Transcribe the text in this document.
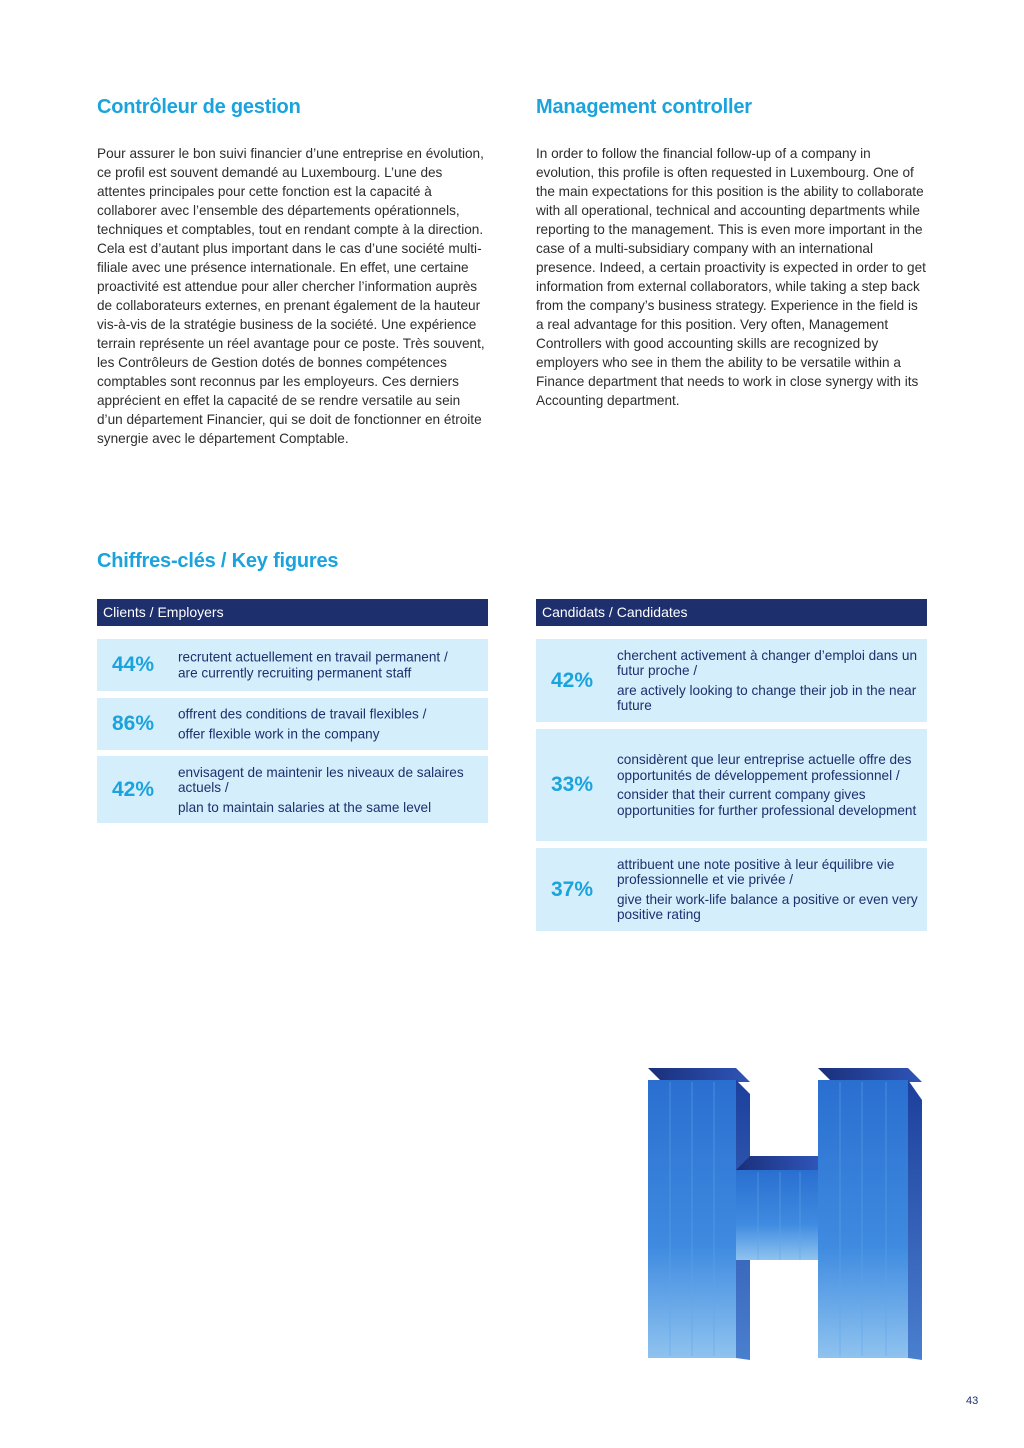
Contrôleur de gestion

Pour assurer le bon suivi financier d’une entreprise en évolution, ce profil est souvent demandé au Luxembourg. L’une des attentes principales pour cette fonction est la capacité à collaborer avec l’ensemble des départements opérationnels, techniques et comptables, tout en rendant compte à la direction. Cela est d’autant plus important dans le cas d’une société multi-filiale avec une présence internationale. En effet, une certaine proactivité est attendue pour aller chercher l’information auprès de collaborateurs externes, en prenant également de la hauteur vis-à-vis de la stratégie business de la société. Une expérience terrain représente un réel avantage pour ce poste. Très souvent, les Contrôleurs de Gestion dotés de bonnes compétences comptables sont reconnus par les employeurs. Ces derniers apprécient en effet la capacité de se rendre versatile au sein d’un département Financier, qui se doit de fonctionner en étroite synergie avec le département Comptable.

Management controller

In order to follow the financial follow-up of a company in evolution, this profile is often requested in Luxembourg. One of the main expectations for this position is the ability to collaborate with all operational, technical and accounting departments while reporting to the management. This is even more important in the case of a multi-subsidiary company with an international presence. Indeed, a certain proactivity is expected in order to get information from external collaborators, while taking a step back from the company’s business strategy. Experience in the field is a real advantage for this position. Very often, Management Controllers with good accounting skills are recognized by employers who see in them the ability to be versatile within a Finance department that needs to work in close synergy with its Accounting department.

Chiffres-clés / Key figures
Clients / Employers
44%	recrutent actuellement en travail permanent /
are currently recruiting permanent staff
86%	offrent des conditions de travail flexibles /
offer flexible work in the company
42%
envisagent de maintenir les niveaux de salaires actuels /
plan to maintain salaries at the same level
Candidats / Candidates
42%
cherchent activement à changer d’emploi dans un futur proche /
are actively looking to change their job in the near future
33%
considèrent que leur entreprise actuelle offre des opportunités de développement professionnel /
consider that their current company gives opportunities for further professional development
37%
attribuent une note positive à leur équilibre vie professionnelle et vie privée /
give their work-life balance a positive or even very positive rating
43
